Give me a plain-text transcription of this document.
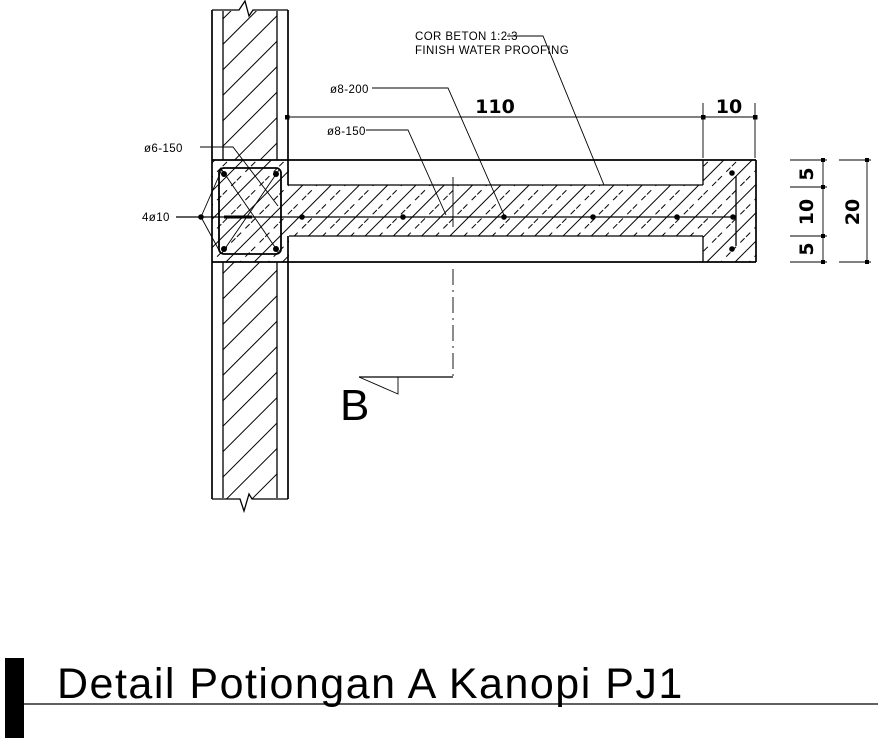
COR BETON 1:2:3
FINISH WATER PROOFING
ø8-200
ø8-150
ø6-150
4ø10
110	10
5
10
5
20
B
Detail Potiongan A Kanopi PJ1
